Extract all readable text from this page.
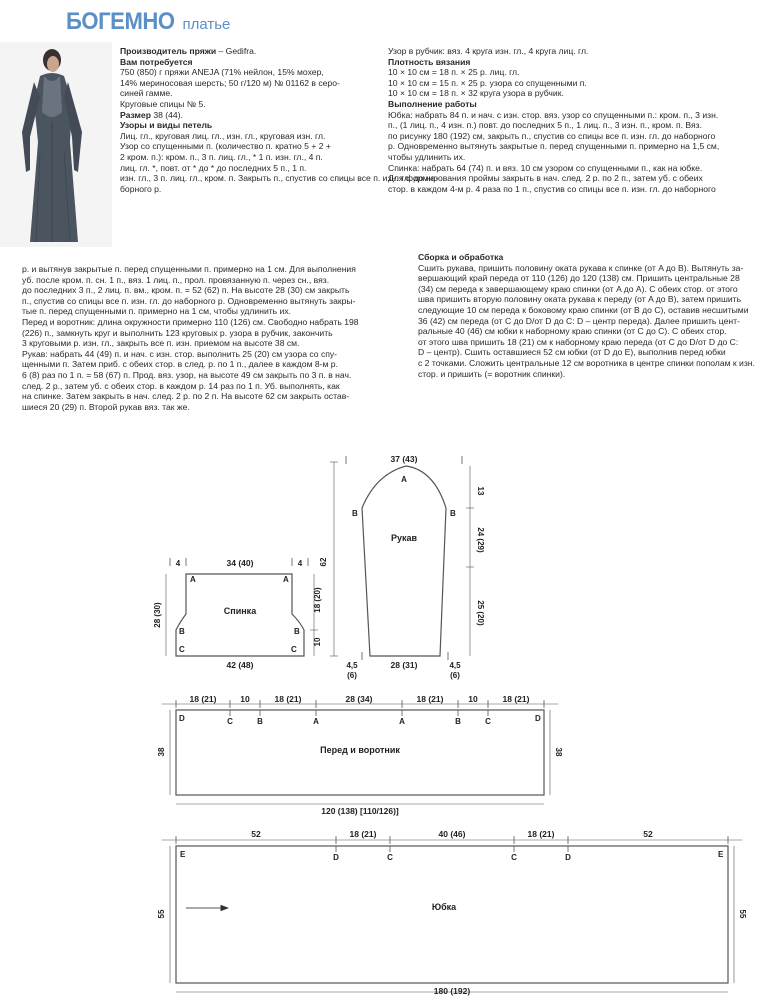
БОГЕМНО платье

Производитель пряжи – Gedifra.

Вам потребуется

750 (850) г пряжи ANEJA (71% нейлон, 15% мохер,

14% мериносовая шерсть; 50 г/120 м) № 01162 в серо-

синей гамме.

Круговые спицы № 5.

Размер 38 (44).

Узоры и виды петель

Лиц. гл., круговая лиц. гл., изн. гл., круговая изн. гл.

Узор со спущенными п. (количество п. кратно 5 + 2 +

2 кром. п.): кром. п., 3 п. лиц. гл., * 1 п. изн. гл., 4 п.

лиц. гл. *, повт. от * до * до последних 5 п., 1 п.

изн. гл., 3 п. лиц. гл., кром. п. Закрыть п., спустив со спицы все п. изн. гл. до на-

борного р.

Узор в рубчик: вяз. 4 круга изн. гл., 4 круга лиц. гл.

Плотность вязания

10 × 10 см = 18 п. × 25 р. лиц. гл.

10 × 10 см = 15 п. × 25 р. узора со спущенными п.

10 × 10 см = 18 п. × 32 круга узора в рубчик.

Выполнение работы

Юбка: набрать 84 п. и нач. с изн. стор. вяз. узор со спущенными п.: кром. п., 3 изн.

п., (1 лиц. п., 4 изн. п.) повт. до последних 5 п., 1 лиц. п., 3 изн. п., кром. п. Вяз.

по рисунку 180 (192) см, закрыть п., спустив со спицы все п. изн. гл. до наборного

р. Одновременно вытянуть закрытые п. перед спущенными п. примерно на 1,5 см,

чтобы удлинить их.

Спинка: набрать 64 (74) п. и вяз. 10 см узором со спущенными п., как на юбке.

Для формирования проймы закрыть в нач. след. 2 р. по 2 п., затем уб. с обеих

стор. в каждом 4-м р. 4 раза по 1 п., спустив со спицы все п. изн. гл. до наборного

р. и вытянув закрытые п. перед спущенными п. примерно на 1 см. Для выполнения

уб. после кром. п. сн. 1 п., вяз. 1 лиц. п., прол. провязанную п. через сн., вяз.

до последних 3 п., 2 лиц. п. вм., кром. п. = 52 (62) п. На высоте 28 (30) см закрыть

п., спустив со спицы все п. изн. гл. до наборного р. Одновременно вытянуть закры-

тые п. перед спущенными п. примерно на 1 см, чтобы удлинить их.

Перед и воротник: длина окружности примерно 110 (126) см. Свободно набрать 198

(226) п., замкнуть круг и выполнить 123 круговых р. узора в рубчик, закончить

3 круговыми р. изн. гл., закрыть все п. изн. приемом на высоте 38 см.

Рукав: набрать 44 (49) п. и нач. с изн. стор. выполнить 25 (20) см узора со спу-

щенными п. Затем приб. с обеих стор. в след. р. по 1 п., далее в каждом 8-м р.

6 (8) раз по 1 п. = 58 (67) п. Прод. вяз. узор, на высоте 49 см закрыть по 3 п. в нач.

след. 2 р., затем уб. с обеих стор. в каждом р. 14 раз по 1 п. Уб. выполнять, как

на спинке. Затем закрыть в нач. след. 2 р. по 2 п. На высоте 62 см закрыть остав-

шиеся 20 (29) п. Второй рукав вяз. так же.

Сборка и обработка

Сшить рукава, пришить половину оката рукава к спинке (от A до B). Вытянуть за-

вершающий край переда от 110 (126) до 120 (138) см. Пришить центральные 28

(34) см переда к завершающему краю спинки (от A до A). С обеих стор. от этого

шва пришить вторую половину оката рукава к переду (от A до B), затем пришить

следующие 10 см переда к боковому краю спинки (от B до C), оставив несшитыми

36 (42) см переда (от C до D/от D до C: D – центр переда). Далее пришить цент-

ральные 40 (46) см юбки к наборному краю спинки (от C до C). С обеих стор.

от этого шва пришить 18 (21) см к наборному краю переда (от C до D/от D до C:

D – центр). Сшить оставшиеся 52 см юбки (от D до E), выполнив перед юбки

с 2 точками. Сложить центральные 12 см воротника в центре спинки пополам к изн.

стор. и пришить (= воротник спинки).

37 (43)
A
B	B
Рукав
13
24 (29)
25 (20)
62
28 (31)
4,5
(6)
4,5
(6)
34 (40)
4	4
A	A
Спинка
B	B
C	C
28 (30)
18 (20)
10
42 (48)
18 (21)	10	18 (21)	28 (34)	18 (21)	10	18 (21)
D	C	B	A	A	B	C	D
Перед и воротник
38	38
120 (138) [110/126)]
52	18 (21)	40 (46)	18 (21)	52
E	D	C	C	D	E
Юбка
55	55
180 (192)
